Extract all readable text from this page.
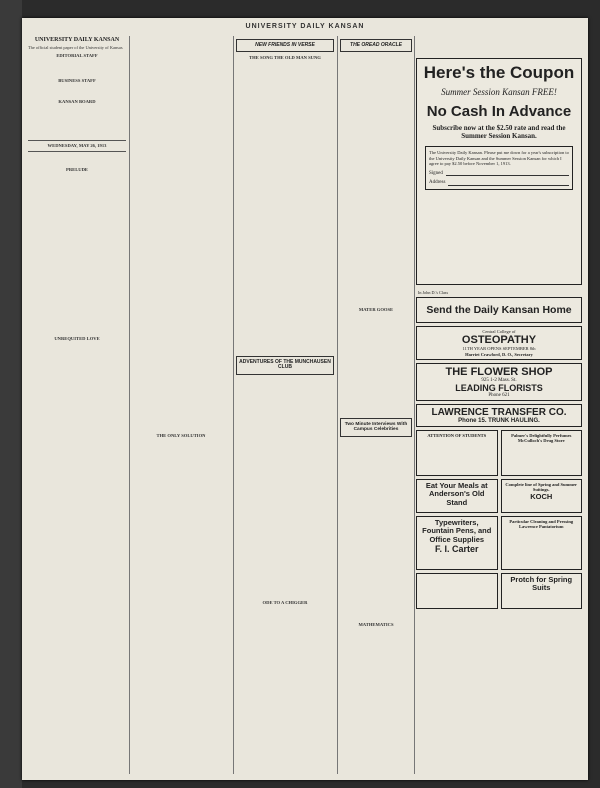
UNIVERSITY DAILY KANSAN
UNIVERSITY DAILY KANSAN

The official student paper of the University of Kansas

EDITORIAL STAFF
BUSINESS STAFF
KANSAN BOARD
WEDNESDAY, MAY 26, 1913
PRELUDE
UNREQUITED LOVE
THE ONLY SOLUTION
NEW FRIENDS IN VERSE
THE SONG THE OLD MAN SUNG
ADVENTURES OF THE MUNCHAUSEN CLUB
ODE TO A CHIGGER
THE OREAD ORACLE
MATER GOOSE
Two Minute Interviews With Campus Celebrities
MATHEMATICS
Here's the Coupon
Summer Session Kansan FREE!
No Cash In Advance
Subscribe now at the $2.50 rate and read the Summer Session Kansan.
The University Daily Kansan. Please put me down for a year's subscription to the University Daily Kansan and the Summer Session Kansan for which I agree to pay $2.50 before November 1, 1913.
Signed
Address
In John D.'s Class
Send the Daily Kansan Home
Central College of
OSTEOPATHY
11TH YEAR OPENS SEPTEMBER 8th
Harriet Crawford, D. O., Secretary
THE FLOWER SHOP
925 1-2 Mass. St.
LEADING FLORISTS
Phone 621
LAWRENCE TRANSFER CO.
Phone 15. TRUNK HAULING.
ATTENTION OF STUDENTS
Eat Your Meals at Anderson's Old Stand
Typewriters, Fountain Pens, and Office Supplies
F. I. Carter
Palmer's Delightfully Perfumes
McCulloch's Drug Store
Complete line of Spring and Summer Suitings.
KOCH
Particular Cleaning and Pressing
Lawrence Pantatorium
Protch for Spring Suits
